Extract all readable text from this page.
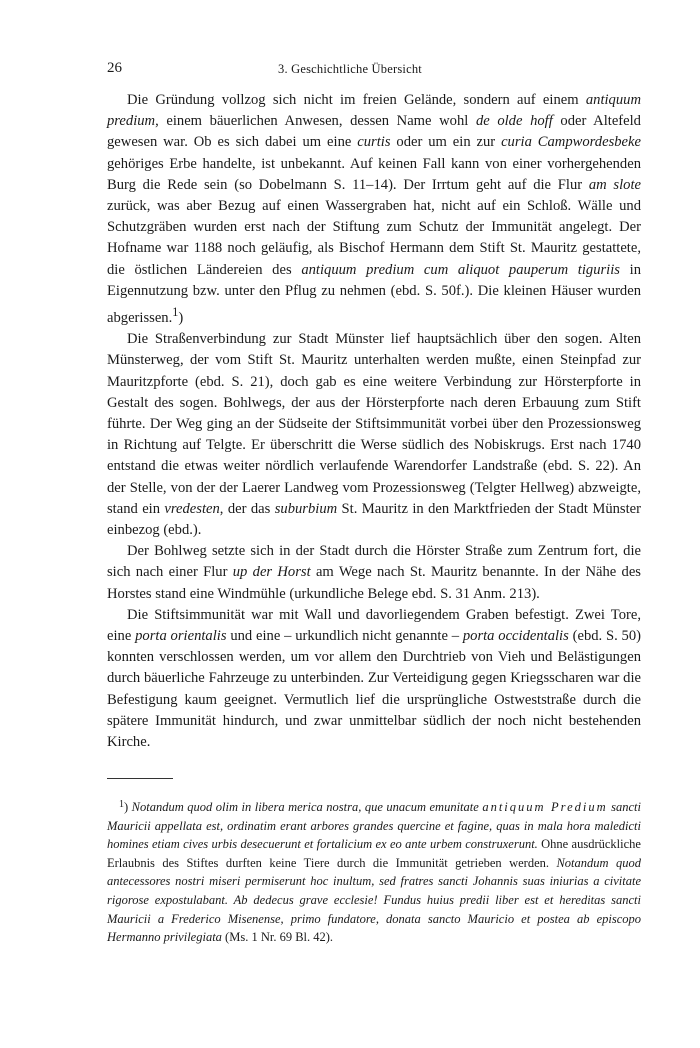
26	3. Geschichtliche Übersicht

Die Gründung vollzog sich nicht im freien Gelände, sondern auf einem antiquum predium, einem bäuerlichen Anwesen, dessen Name wohl de olde hoff oder Altefeld gewesen war. Ob es sich dabei um eine curtis oder um ein zur curia Campwordesbeke gehöriges Erbe handelte, ist unbekannt. Auf keinen Fall kann von einer vorhergehenden Burg die Rede sein (so Dobelmann S. 11–14). Der Irrtum geht auf die Flur am slote zurück, was aber Bezug auf einen Wassergraben hat, nicht auf ein Schloß. Wälle und Schutzgräben wurden erst nach der Stiftung zum Schutz der Immunität angelegt. Der Hofname war 1188 noch geläufig, als Bischof Hermann dem Stift St. Mauritz gestattete, die östlichen Ländereien des antiquum predium cum aliquot pauperum tiguriis in Eigennutzung bzw. unter den Pflug zu nehmen (ebd. S. 50f.). Die kleinen Häuser wurden abgerissen.$^1$)

Die Straßenverbindung zur Stadt Münster lief hauptsächlich über den sogen. Alten Münsterweg, der vom Stift St. Mauritz unterhalten werden mußte, einen Steinpfad zur Mauritzpforte (ebd. S. 21), doch gab es eine weitere Verbindung zur Hörsterpforte in Gestalt des sogen. Bohlwegs, der aus der Hörsterpforte nach deren Erbauung zum Stift führte. Der Weg ging an der Südseite der Stiftsimmunität vorbei über den Prozessionsweg in Richtung auf Telgte. Er überschritt die Werse südlich des Nobiskrugs. Erst nach 1740 entstand die etwas weiter nördlich verlaufende Warendorfer Landstraße (ebd. S. 22). An der Stelle, von der der Laerer Landweg vom Prozessionsweg (Telgter Hellweg) abzweigte, stand ein vredesten, der das suburbium St. Mauritz in den Marktfrieden der Stadt Münster einbezog (ebd.).

Der Bohlweg setzte sich in der Stadt durch die Hörster Straße zum Zentrum fort, die sich nach einer Flur up der Horst am Wege nach St. Mauritz benannte. In der Nähe des Horstes stand eine Windmühle (urkundliche Belege ebd. S. 31 Anm. 213).

Die Stiftsimmunität war mit Wall und davorliegendem Graben befestigt. Zwei Tore, eine porta orientalis und eine – urkundlich nicht genannte – porta occidentalis (ebd. S. 50) konnten verschlossen werden, um vor allem den Durchtrieb von Vieh und Belästigungen durch bäuerliche Fahrzeuge zu unterbinden. Zur Verteidigung gegen Kriegsscharen war die Befestigung kaum geeignet. Vermutlich lief die ursprüngliche Ostweststraße durch die spätere Immunität hindurch, und zwar unmittelbar südlich der noch nicht bestehenden Kirche.

$^1$) Notandum quod olim in libera merica nostra, que unacum emunitate antiquum Predium sancti Mauricii appellata est, ordinatim erant arbores grandes quercine et fagine, quas in mala hora maledicti homines etiam cives urbis desecuerunt et fortalicium ex eo ante urbem construxerunt. Ohne ausdrückliche Erlaubnis des Stiftes durften keine Tiere durch die Immunität getrieben werden. Notandum quod antecessores nostri miseri permiserunt hoc inultum, sed fratres sancti Johannis suas iniurias a civitate rigorose expostulabant. Ab dedecus grave ecclesie! Fundus huius predii liber est et hereditas sancti Mauricii a Frederico Misenense, primo fundatore, donata sancto Mauricio et postea ab episcopo Hermanno privilegiata (Ms. 1 Nr. 69 Bl. 42).
